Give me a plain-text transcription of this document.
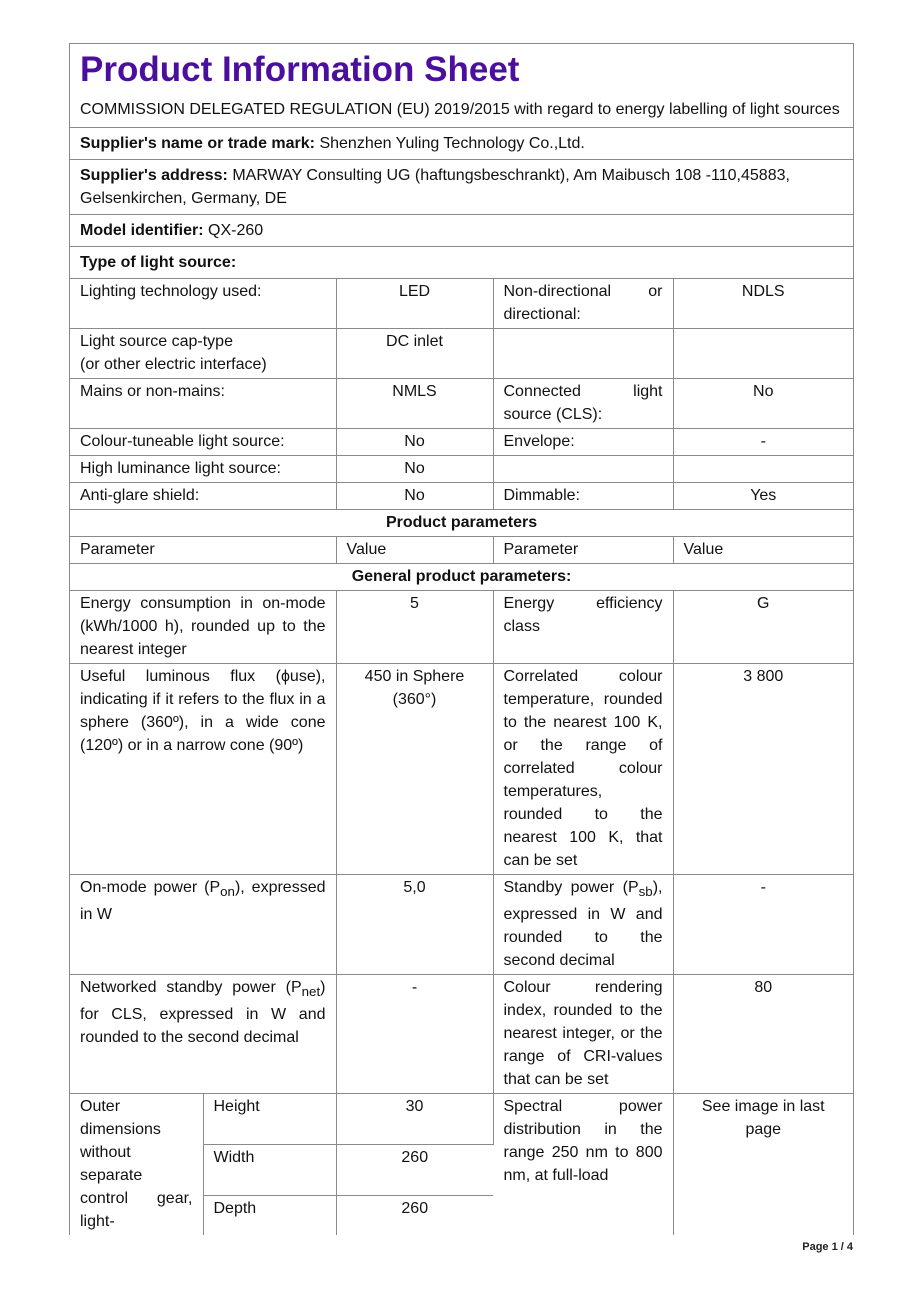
Product Information Sheet
COMMISSION DELEGATED REGULATION (EU) 2019/2015 with regard to energy labelling of light sources
Supplier's name or trade mark: Shenzhen Yuling Technology Co.,Ltd.
Supplier's address: MARWAY Consulting UG (haftungsbeschrankt), Am Maibusch 108 -110,45883, Gelsenkirchen, Germany, DE
Model identifier: QX-260
Type of light source:
Lighting technology used:	LED	Non-directional or directional:	NDLS
Light source cap-type
(or other electric interface)	DC inlet		
Mains or non-mains:	NMLS	Connected light source (CLS):	No
Colour-tuneable light source:	No	Envelope:	-
High luminance light source:	No		
Anti-glare shield:	No	Dimmable:	Yes
Product parameters			
Parameter	Value	Parameter	Value
General product parameters:			
Energy consumption in on-mode (kWh/1000 h), rounded up to the nearest integer	5	Energy efficiency class	G
Useful luminous flux (ϕuse), indicating if it refers to the flux in a sphere (360º), in a wide cone (120º) or in a narrow cone (90º)	450 in Sphere (360°)	Correlated colour temperature, rounded to the nearest 100 K, or the range of correlated colour temperatures, rounded to the nearest 100 K, that can be set	3 800
On-mode power $(P_{on})$, expressed in W	5,0	Standby power $(P_{sb})$, expressed in W and rounded to the second decimal	-
Networked standby power $(P_{net})$ for CLS, expressed in W and rounded to the second decimal	-	Colour rendering index, rounded to the nearest integer, or the range of CRI-values that can be set	80
Outer dimensions without separate control gear, light-	Height	30	Spectral power distribution in the range 250 nm to 800 nm, at full-load	See image in last page
	Width	260		
	Depth	260		
Page 1 / 4
